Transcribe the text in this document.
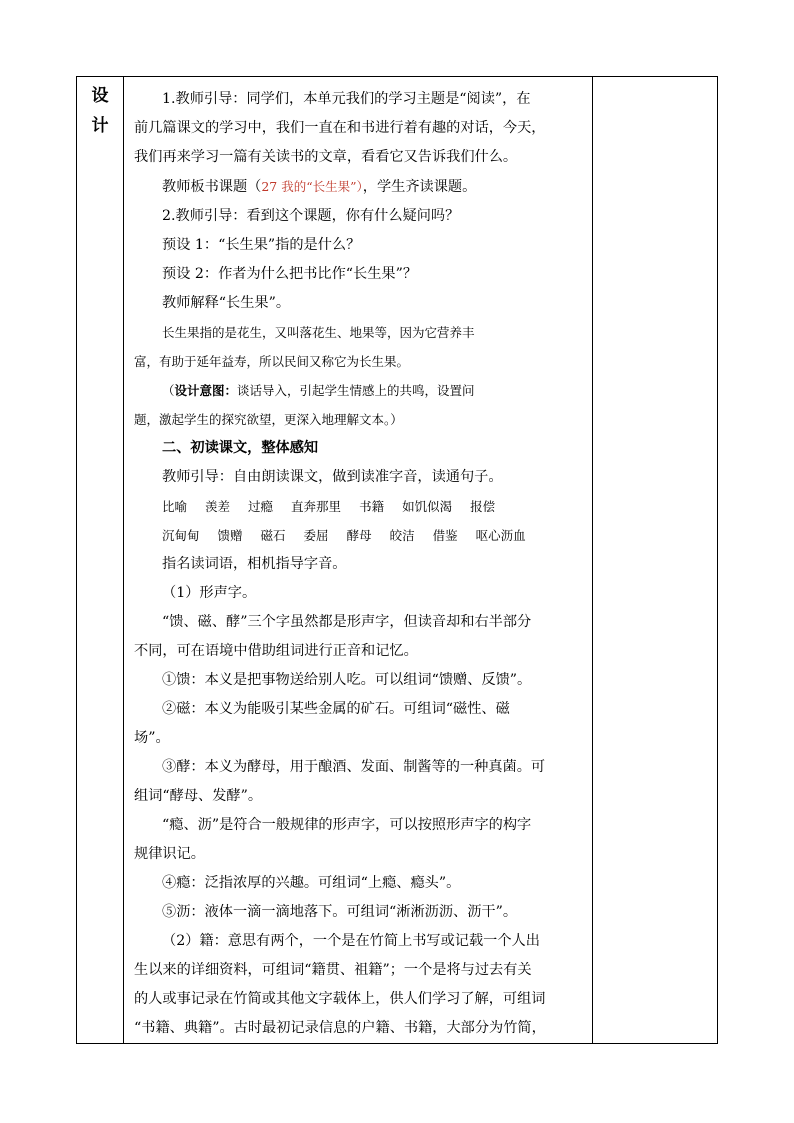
设
计
1.教师引导：同学们，本单元我们的学习主题是“阅读”，在
前几篇课文的学习中，我们一直在和书进行着有趣的对话，今天，
我们再来学习一篇有关读书的文章，看看它又告诉我们什么。
教师板书课题（27 我的“长生果”），学生齐读课题。
2.教师引导：看到这个课题，你有什么疑问吗？
预设 1：“长生果”指的是什么？
预设 2：作者为什么把书比作“长生果”？
教师解释“长生果”。
长生果指的是花生，又叫落花生、地果等，因为它营养丰
富，有助于延年益寿，所以民间又称它为长生果。
（设计意图：谈话导入，引起学生情感上的共鸣，设置问
题，激起学生的探究欲望，更深入地理解文本。）
二、初读课文，整体感知
教师引导：自由朗读课文，做到读准字音，读通句子。
比喻 羡差 过瘾 直奔那里 书籍 如饥似渴 报偿
沉甸甸 馈赠 磁石 委屈 酵母 皎洁 借鉴 呕心沥血
指名读词语，相机指导字音。
（1）形声字。
“馈、磁、酵”三个字虽然都是形声字，但读音却和右半部分
不同，可在语境中借助组词进行正音和记忆。
①馈：本义是把事物送给别人吃。可以组词“馈赠、反馈”。
②磁：本义为能吸引某些金属的矿石。可组词“磁性、磁
场”。
③酵：本义为酵母，用于酿酒、发面、制酱等的一种真菌。可
组词“酵母、发酵”。
“瘾、沥”是符合一般规律的形声字，可以按照形声字的构字
规律识记。
④瘾：泛指浓厚的兴趣。可组词“上瘾、瘾头”。
⑤沥：液体一滴一滴地落下。可组词“淅淅沥沥、沥干”。
（2）籍：意思有两个，一个是在竹简上书写或记载一个人出
生以来的详细资料，可组词“籍贯、祖籍”；一个是将与过去有关
的人或事记录在竹简或其他文字载体上，供人们学习了解，可组词
“书籍、典籍”。古时最初记录信息的户籍、书籍，大部分为竹简，
